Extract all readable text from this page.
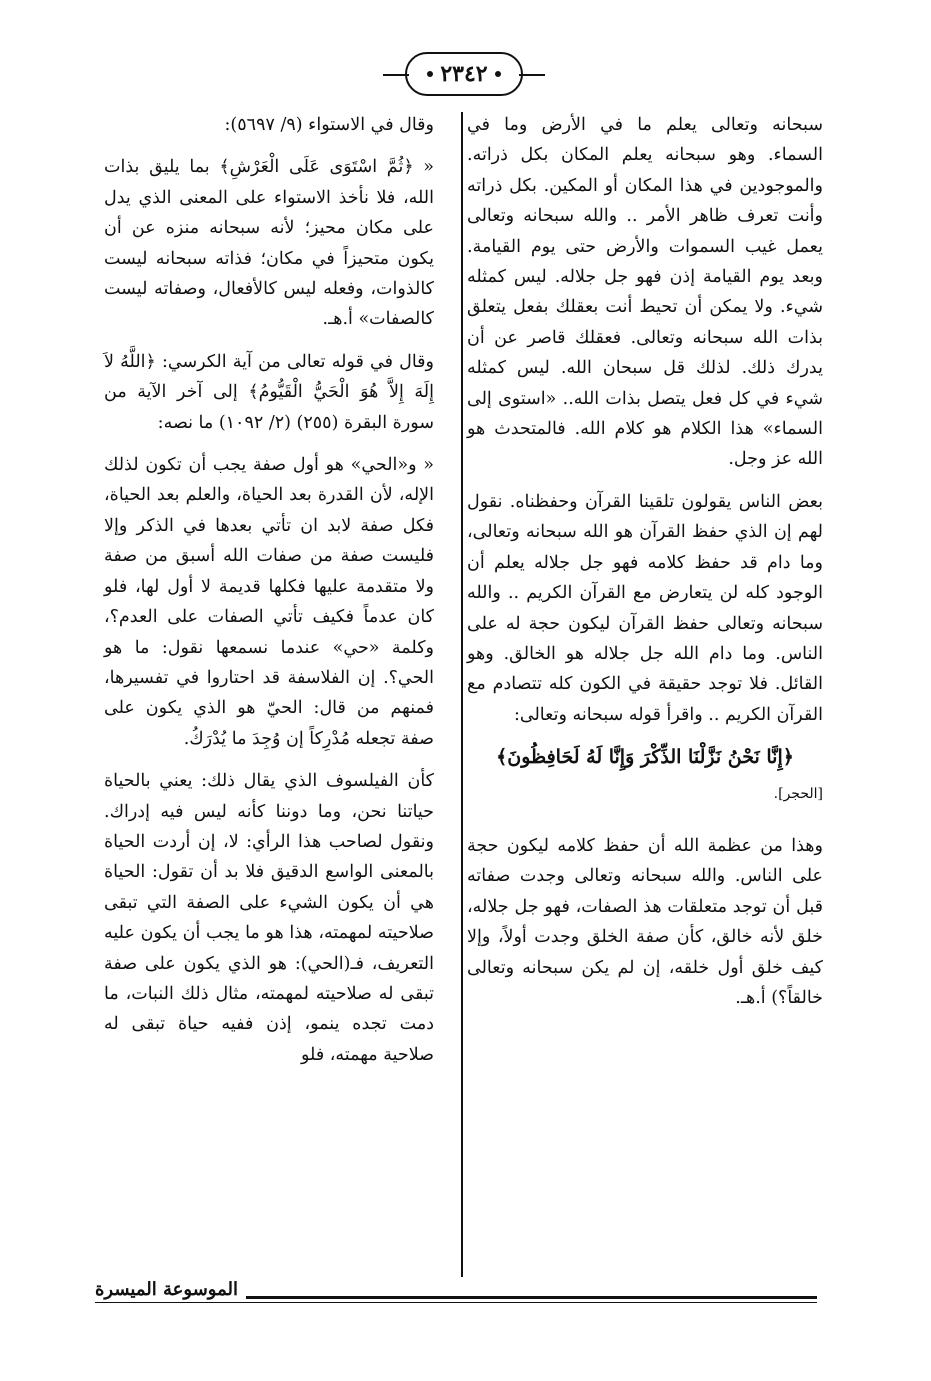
٢٣٤٢

سبحانه وتعالى يعلم ما في الأرض وما في السماء. وهو سبحانه يعلم المكان بكل ذراته. والموجودين في هذا المكان أو المكين. بكل ذراته وأنت تعرف ظاهر الأمر .. والله سبحانه وتعالى يعمل غيب السموات والأرض حتى يوم القيامة. وبعد يوم القيامة إذن فهو جل جلاله. ليس كمثله شيء. ولا يمكن أن تحيط أنت بعقلك بفعل يتعلق بذات الله سبحانه وتعالى. فعقلك قاصر عن أن يدرك ذلك. لذلك قل سبحان الله. ليس كمثله شيء في كل فعل يتصل بذات الله.. «استوى إلى السماء» هذا الكلام هو كلام الله. فالمتحدث هو الله عز وجل.

بعض الناس يقولون تلقينا القرآن وحفظناه. نقول لهم إن الذي حفظ القرآن هو الله سبحانه وتعالى، وما دام قد حفظ كلامه فهو جل جلاله يعلم أن الوجود كله لن يتعارض مع القرآن الكريم .. والله سبحانه وتعالى حفظ القرآن ليكون حجة له على الناس. وما دام الله جل جلاله هو الخالق. وهو القائل. فلا توجد حقيقة في الكون كله تتصادم مع القرآن الكريم .. واقرأ قوله سبحانه وتعالى:

﴿إِنَّا نَحْنُ نَزَّلْنَا الذِّكْرَ وَإِنَّا لَهُ لَحَافِظُونَ﴾

[الحجر].

وهذا من عظمة الله أن حفظ كلامه ليكون حجة على الناس. والله سبحانه وتعالى وجدت صفاته قبل أن توجد متعلقات هذ الصفات، فهو جل جلاله، خلق لأنه خالق، كأن صفة الخلق وجدت أولاً، وإلا كيف خلق أول خلقه، إن لم يكن سبحانه وتعالى خالقاً؟) أ.هـ.

وقال في الاستواء (٩/ ٥٦٩٧):

« ﴿ثُمَّ اسْتَوَى عَلَى الْعَرْشِ﴾ بما يليق بذات الله، فلا نأخذ الاستواء على المعنى الذي يدل على مكان محيز؛ لأنه سبحانه منزه عن أن يكون متحيزاً في مكان؛ فذاته سبحانه ليست كالذوات، وفعله ليس كالأفعال، وصفاته ليست كالصفات» أ.هـ.

وقال في قوله تعالى من آية الكرسي: ﴿اللَّهُ لاَ إِلَهَ إِلاَّ هُوَ الْحَيُّ الْقَيُّومُ﴾ إلى آخر الآية من سورة البقرة (٢٥٥) (٢/ ١٠٩٢) ما نصه:

« و«الحي» هو أول صفة يجب أن تكون لذلك الإله، لأن القدرة بعد الحياة، والعلم بعد الحياة، فكل صفة لابد ان تأتي بعدها في الذكر وإلا فليست صفة من صفات الله أسبق من صفة ولا متقدمة عليها فكلها قديمة لا أول لها، فلو كان عدماً فكيف تأتي الصفات على العدم؟، وكلمة «حي» عندما نسمعها نقول: ما هو الحي؟. إن الفلاسفة قد احتاروا في تفسيرها، فمنهم من قال: الحيّ هو الذي يكون على صفة تجعله مُدْرِكاً إن وُجِدَ ما يُدْرَكُ.

كأن الفيلسوف الذي يقال ذلك: يعني بالحياة حياتنا نحن، وما دوننا كأنه ليس فيه إدراك. ونقول لصاحب هذا الرأي: لا، إن أردت الحياة بالمعنى الواسع الدقيق فلا بد أن تقول: الحياة هي أن يكون الشيء على الصفة التي تبقى صلاحيته لمهمته، هذا هو ما يجب أن يكون عليه التعريف، فـ(الحي): هو الذي يكون على صفة تبقى له صلاحيته لمهمته، مثال ذلك النبات، ما دمت تجده ينمو، إذن ففيه حياة تبقى له صلاحية مهمته، فلو

الموسوعة الميسرة
